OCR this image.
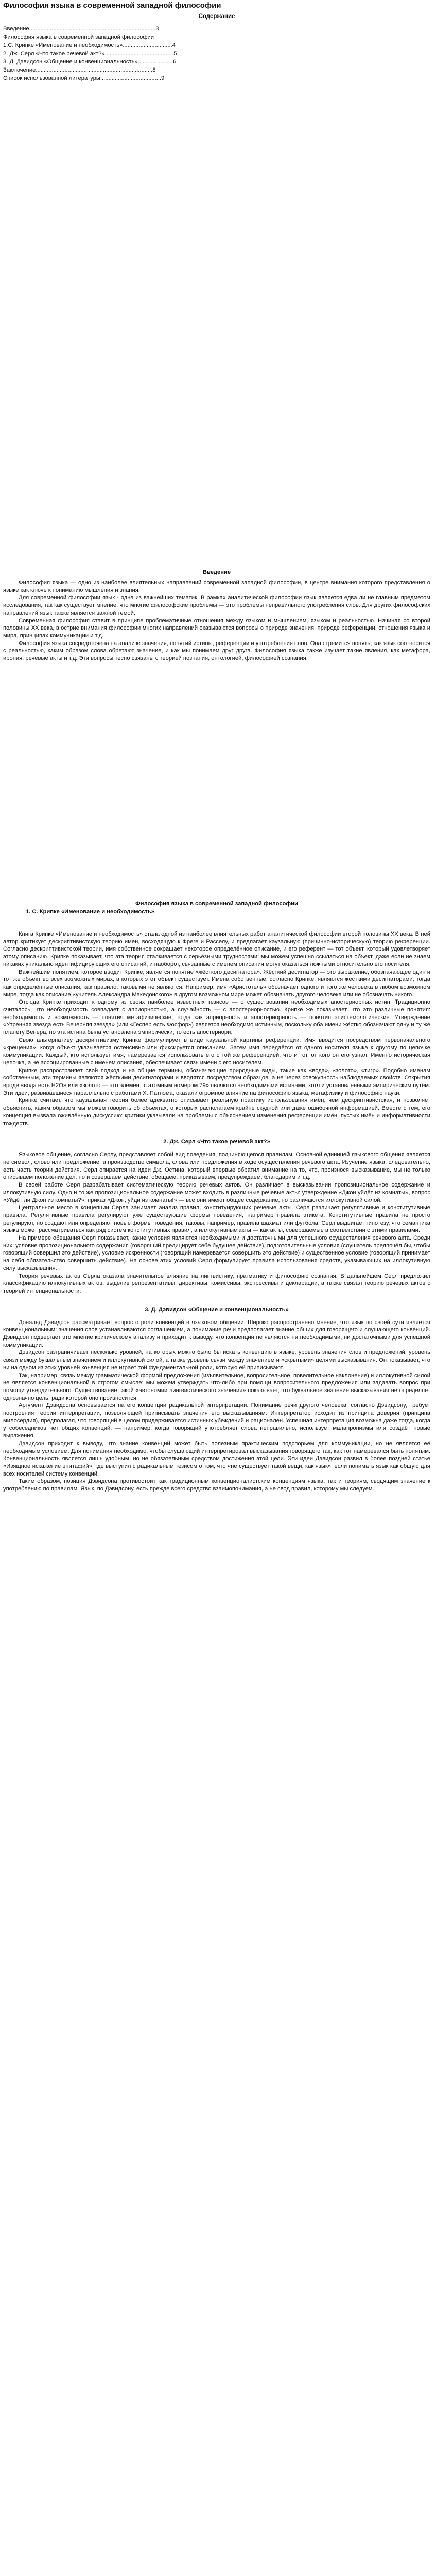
Философия языка в современной западной философии
Содержание
Введение...............................................................................3
Философия языка в современной западной философии
1.С. Крипке «Именование и необходимость»...............................4
2. Дж. Серл «Что такое речевой акт?»...........................................5
3. Д. Дэвидсон «Общение и конвенциональность»......................6
Заключение.........................................................................8
Список использованной литературы......................................9
Введение
Философия языка — одно из наиболее влиятельных направлений современной западной философии, в центре внимания которого представления о языке как ключе к пониманию мышления и знания.
Для современной философии язык - одна из важнейших тематик. В рамках аналитической философии язык является едва ли не главным предметом исследования, так как существует мнение, что многие философские проблемы — это проблемы неправильного употребления слов. Для других философских направлений язык также является важной темой.
Современная философия ставит в принципе проблематичные отношения между языком и мышлением, языком и реальностью. Начиная со второй половины XX века, в острие внимания философии многих направлений оказываются вопросы о природе значения, природе референции, отношения языка и мира, принципах коммуникации и т.д.
Философия языка сосредоточена на анализе значения, понятий истины, референции и употребления слов. Она стремится понять, как язык соотносится с реальностью, каким образом слова обретают значение, и как мы понимаем друг друга. Философия языка также изучает такие явления, как метафора, ирония, речевые акты и т.д. Эти вопросы тесно связаны с теорией познания, онтологией, философией сознания.
Философия языка в современной западной философии
1. С. Крипке «Именование и необходимость»
Книга Крипке «Именование и необходимость» стала одной из наиболее влиятельных работ аналитической философии второй половины ХХ века. В ней автор критикует дескриптивистскую теорию имен, восходящую к Фреге и Расселу, и предлагает каузальную (причинно-историческую) теорию референции. Согласно дескриптивистской теории, имя собственное сокращает некоторое определённое описание, и его референт — тот объект, который удовлетворяет этому описанию. Крипке показывает, что эта теория сталкивается с серьёзными трудностями: мы можем успешно ссылаться на объект, даже если не знаем никаких уникально идентифицирующих его описаний, и наоборот, связанные с именем описания могут оказаться ложными относительно его носителя.
Важнейшим понятием, которое вводит Крипке, является понятие «жёсткого десигнатора». Жёсткий десигнатор — это выражение, обозначающее один и тот же объект во всех возможных мирах, в которых этот объект существует. Имена собственные, согласно Крипке, являются жёсткими десигнаторами, тогда как определённые описания, как правило, таковыми не являются. Например, имя «Аристотель» обозначает одного и того же человека в любом возможном мире, тогда как описание «учитель Александра Македонского» в другом возможном мире может обозначать другого человека или не обозначать никого.
Отсюда Крипке приходит к одному из своих наиболее известных тезисов — о существовании необходимых апостериорных истин. Традиционно считалось, что необходимость совпадает с априорностью, а случайность — с апостериорностью. Крипке же показывает, что это различные понятия: необходимость и возможность — понятия метафизические, тогда как априорность и апостериорность — понятия эпистемологические. Утверждение «Утренняя звезда есть Вечерняя звезда» (или «Геспер есть Фосфор») является необходимо истинным, поскольку оба имени жёстко обозначают одну и ту же планету Венера, но эта истина была установлена эмпирически, то есть апостериори.
Свою альтернативу дескриптивизму Крипке формулирует в виде каузальной картины референции. Имя вводится посредством первоначального «крещения», когда объект указывается остенсивно или фиксируется описанием. Затем имя передаётся от одного носителя языка к другому по цепочке коммуникации. Каждый, кто использует имя, намеревается использовать его с той же референцией, что и тот, от кого он его узнал. Именно историческая цепочка, а не ассоциированные с именем описания, обеспечивает связь имени с его носителем.
Крипке распространяет свой подход и на общие термины, обозначающие природные виды, такие как «вода», «золото», «тигр». Подобно именам собственным, эти термины являются жёсткими десигнаторами и вводятся посредством образцов, а не через совокупность наблюдаемых свойств. Открытия вроде «вода есть H2O» или «золото — это элемент с атомным номером 79» являются необходимыми истинами, хотя и установленными эмпирическим путём. Эти идеи, развивавшиеся параллельно с работами Х. Патнэма, оказали огромное влияние на философию языка, метафизику и философию науки.
Крипке считает, что каузальная теория более адекватно описывает реальную практику использования имён, чем дескриптивистская, и позволяет объяснить, каким образом мы можем говорить об объектах, о которых располагаем крайне скудной или даже ошибочной информацией. Вместе с тем, его концепция вызвала оживлённую дискуссию: критики указывали на проблемы с объяснением изменения референции имён, пустых имён и информативности тождеств.
2. Дж. Серл «Что такое речевой акт?»
Языковое общение, согласно Серлу, представляет собой вид поведения, подчиняющегося правилам. Основной единицей языкового общения является не символ, слово или предложение, а производство символа, слова или предложения в ходе осуществления речевого акта. Изучение языка, следовательно, есть часть теории действия. Серл опирается на идеи Дж. Остина, который впервые обратил внимание на то, что, произнося высказывание, мы не только описываем положение дел, но и совершаем действие: обещаем, приказываем, предупреждаем, благодарим и т.д.
В своей работе Серл разрабатывает систематическую теорию речевых актов. Он различает в высказывании пропозициональное содержание и иллокутивную силу. Одно и то же пропозициональное содержание может входить в различные речевые акты: утверждение «Джон уйдёт из комнаты», вопрос «Уйдёт ли Джон из комнаты?», приказ «Джон, уйди из комнаты!» — все они имеют общее содержание, но различаются иллокутивной силой.
Центральное место в концепции Серла занимает анализ правил, конституирующих речевые акты. Серл различает регулятивные и конститутивные правила. Регулятивные правила регулируют уже существующие формы поведения, например правила этикета. Конститутивные правила не просто регулируют, но создают или определяют новые формы поведения; таковы, например, правила шахмат или футбола. Серл выдвигает гипотезу, что семантика языка может рассматриваться как ряд систем конститутивных правил, а иллокутивные акты — как акты, совершаемые в соответствии с этими правилами.
На примере обещания Серл показывает, какие условия являются необходимыми и достаточными для успешного осуществления речевого акта. Среди них: условие пропозиционального содержания (говорящий предицирует себе будущее действие), подготовительные условия (слушатель предпочёл бы, чтобы говорящий совершил это действие), условие искренности (говорящий намеревается совершить это действие) и существенное условие (говорящий принимает на себя обязательство совершить действие). На основе этих условий Серл формулирует правила использования средств, указывающих на иллокутивную силу высказывания.
Теория речевых актов Серла оказала значительное влияние на лингвистику, прагматику и философию сознания. В дальнейшем Серл предложил классификацию иллокутивных актов, выделив репрезентативы, директивы, комиссивы, экспрессивы и декларации, а также связал теорию речевых актов с теорией интенциональности.
3. Д. Дэвидсон «Общение и конвенциональность»
Дональд Дэвидсон рассматривает вопрос о роли конвенций в языковом общении. Широко распространено мнение, что язык по своей сути является конвенциональным: значения слов устанавливаются соглашением, а понимание речи предполагает знание общих для говорящего и слушающего конвенций. Дэвидсон подвергает это мнение критическому анализу и приходит к выводу, что конвенции не являются ни необходимыми, ни достаточными для успешной коммуникации.
Дэвидсон разграничивает несколько уровней, на которых можно было бы искать конвенцию в языке: уровень значения слов и предложений, уровень связи между буквальным значением и иллокутивной силой, а также уровень связи между значением и «скрытыми» целями высказывания. Он показывает, что ни на одном из этих уровней конвенция не играет той фундаментальной роли, которую ей приписывают.
Так, например, связь между грамматической формой предложения (изъявительное, вопросительное, повелительное наклонение) и иллокутивной силой не является конвенциональной в строгом смысле: мы можем утверждать что-либо при помощи вопросительного предложения или задавать вопрос при помощи утвердительного. Существование такой «автономии лингвистического значения» показывает, что буквальное значение высказывания не определяет однозначно цель, ради которой оно произносится.
Аргумент Дэвидсона основывается на его концепции радикальной интерпретации. Понимание речи другого человека, согласно Дэвидсону, требует построения теории интерпретации, позволяющей приписывать значения его высказываниям. Интерпретатор исходит из принципа доверия (принципа милосердия), предполагая, что говорящий в целом придерживается истинных убеждений и рационален. Успешная интерпретация возможна даже тогда, когда у собеседников нет общих конвенций, — например, когда говорящий употребляет слова неправильно, использует малапропизмы или создаёт новые выражения.
Дэвидсон приходит к выводу, что знание конвенций может быть полезным практическим подспорьем для коммуникации, но не является её необходимым условием. Для понимания необходимо, чтобы слушающий интерпретировал высказывания говорящего так, как тот намеревался быть понятым. Конвенциональность является лишь удобным, но не обязательным средством достижения этой цели. Эти идеи Дэвидсон развил в более поздней статье «Изящное искажение эпитафий», где выступил с радикальным тезисом о том, что «не существует такой вещи, как язык», если понимать язык как общую для всех носителей систему конвенций.
Таким образом, позиция Дэвидсона противостоит как традиционным конвенционалистским концепциям языка, так и теориям, сводящим значение к употреблению по правилам. Язык, по Дэвидсону, есть прежде всего средство взаимопонимания, а не свод правил, которому мы следуем.
